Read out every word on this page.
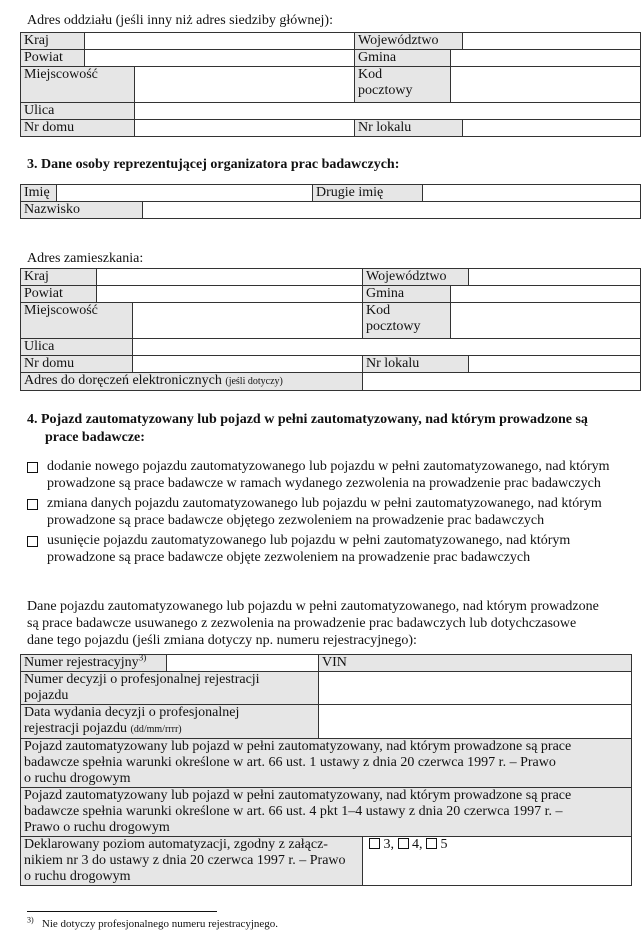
Adres oddziału (jeśli inny niż adres siedziby głównej):
Kraj			Województwo		
Powiat			Gmina		
Miejscowość			Kod
pocztowy		
Ulica					
Nr domu			Nr lokalu		
3. Dane osoby reprezentującej organizatora prac badawczych:
Imię			Drugie imię	
Nazwisko				
Adres zamieszkania:
Kraj			Województwo		
Powiat			Gmina		
Miejscowość			Kod
pocztowy		
Ulica					
Nr domu			Nr lokalu		
Adres do doręczeń elektronicznych (jeśli dotyczy)					
4. Pojazd zautomatyzowany lub pojazd w pełni zautomatyzowany, nad którym prowadzone są
prace badawcze:
dodanie nowego pojazdu zautomatyzowanego lub pojazdu w pełni zautomatyzowanego, nad którym
prowadzone są prace badawcze w ramach wydanego zezwolenia na prowadzenie prac badawczych
zmiana danych pojazdu zautomatyzowanego lub pojazdu w pełni zautomatyzowanego, nad którym
prowadzone są prace badawcze objętego zezwoleniem na prowadzenie prac badawczych
usunięcie pojazdu zautomatyzowanego lub pojazdu w pełni zautomatyzowanego, nad którym
prowadzone są prace badawcze objęte zezwoleniem na prowadzenie prac badawczych
Dane pojazdu zautomatyzowanego lub pojazdu w pełni zautomatyzowanego, nad którym prowadzone
są prace badawcze usuwanego z zezwolenia na prowadzenie prac badawczych lub dotychczasowe
dane tego pojazdu (jeśli zmiana dotyczy np. numeru rejestracyjnego):
Numer rejestracyjny$^{3)}$		VIN	
Numer decyzji o profesjonalnej rejestracji
pojazdu			
Data wydania decyzji o profesjonalnej
rejestracji pojazdu (dd/mm/rrrr)			

Pojazd zautomatyzowany lub pojazd w pełni zautomatyzowany, nad którym prowadzone są prace
badawcze spełnia warunki określone w art. 66 ust. 1 ustawy z dnia 20 czerwca 1997 r. – Prawo
o ruchu drogowym			

Pojazd zautomatyzowany lub pojazd w pełni zautomatyzowany, nad którym prowadzone są prace
badawcze spełnia warunki określone w art. 66 ust. 4 pkt 1–4 ustawy z dnia 20 czerwca 1997 r. –
Prawo o ruchu drogowym			

Deklarowany poziom automatyzacji, zgodny z załącz-
nikiem nr 3 do ustawy z dnia 20 czerwca 1997 r. – Prawo
o ruchu drogowym			3, 4, 5
$^{3)}$ Nie dotyczy profesjonalnego numeru rejestracyjnego.
